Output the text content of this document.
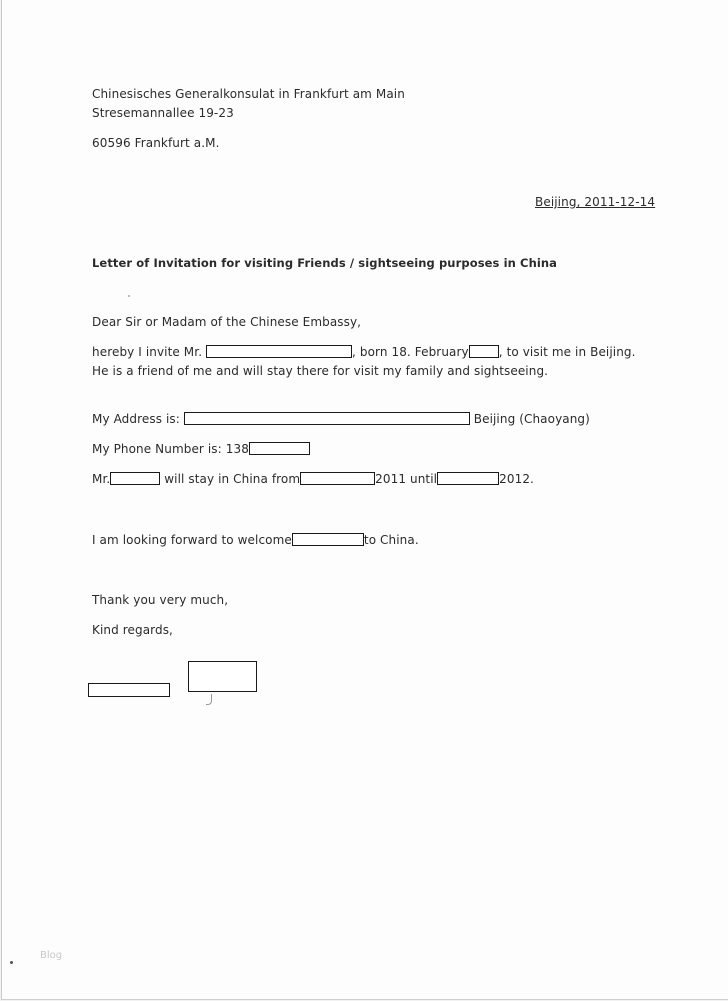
Chinesisches Generalkonsulat in Frankfurt am Main
Stresemannallee 19-23
60596 Frankfurt a.M.
Beijing, 2011-12-14
Letter of Invitation for visiting Friends / sightseeing purposes in China
Dear Sir or Madam of the Chinese Embassy,
hereby I invite Mr.	, born 18. February	, to visit me in Beijing.
He is a friend of me and will stay there for visit my family and sightseeing.
My Address is:	Beijing (Chaoyang)
My Phone Number is: 138
Mr.	will stay in China from	2011 until	2012.
I am looking forward to welcome	to China.
Thank you very much,
Kind regards,
Blog
